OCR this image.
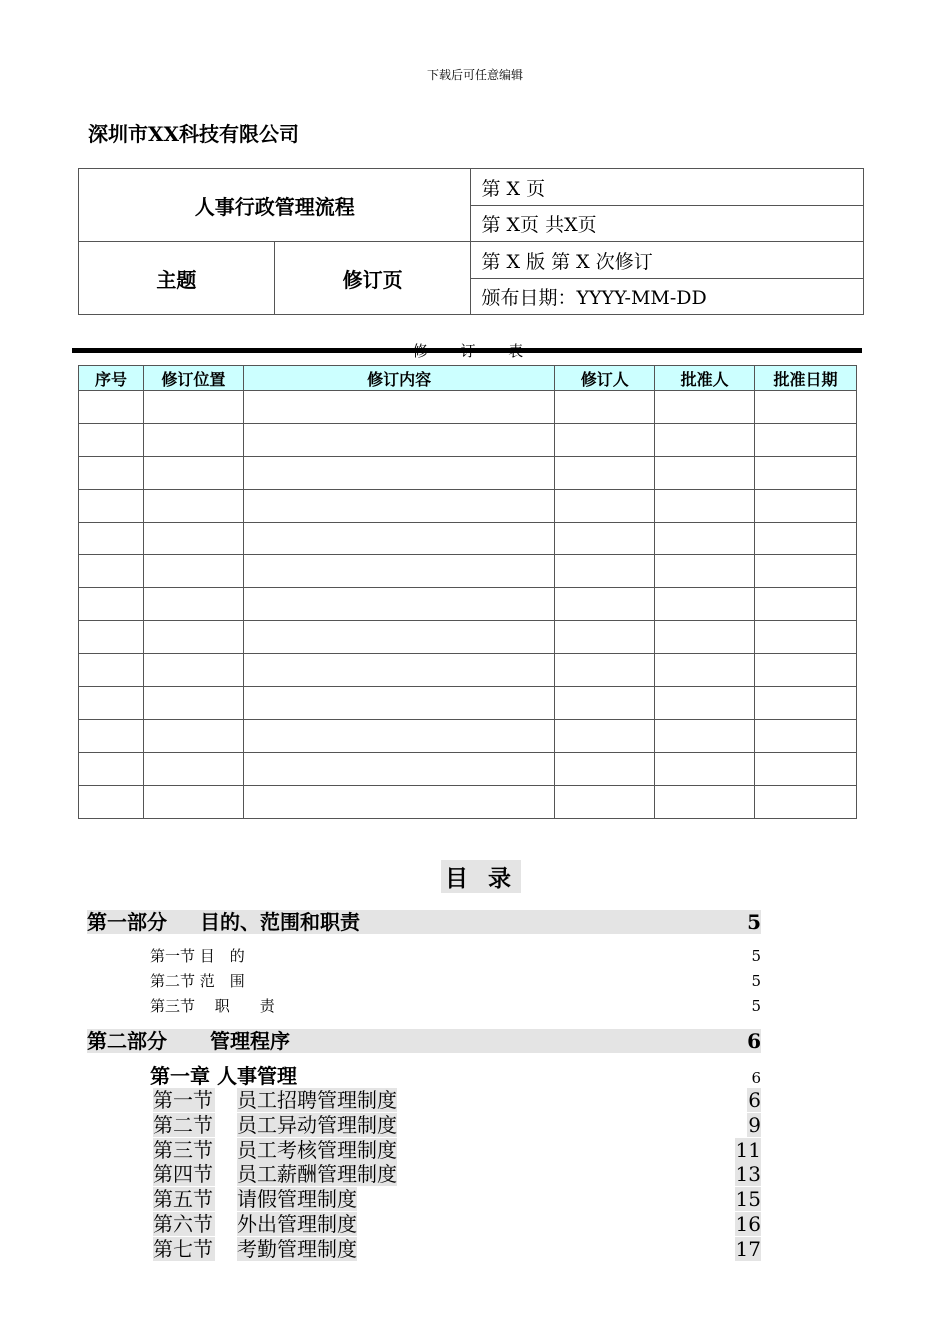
下载后可任意编辑
深圳市XX科技有限公司
人事行政管理流程		第 X 页
		第 X页 共X页
主题	修订页	第 X 版 第 X 次修订
		颁布日期：YYYY-MM-DD
修 订 表
序号	修订位置	修订内容	修订人	批准人	批准日期

目 录
第一部分 目的、范围和职责	5
第一节 目　的	5
第二节 范　围	5
第三节　 职　　责	5
第二部分 管理程序	6
第一章 人事管理	6
第一节 员工招聘管理制度	6
第二节 员工异动管理制度	9
第三节 员工考核管理制度	11
第四节 员工薪酬管理制度	13
第五节 请假管理制度	15
第六节 外出管理制度	16
第七节 考勤管理制度	17
